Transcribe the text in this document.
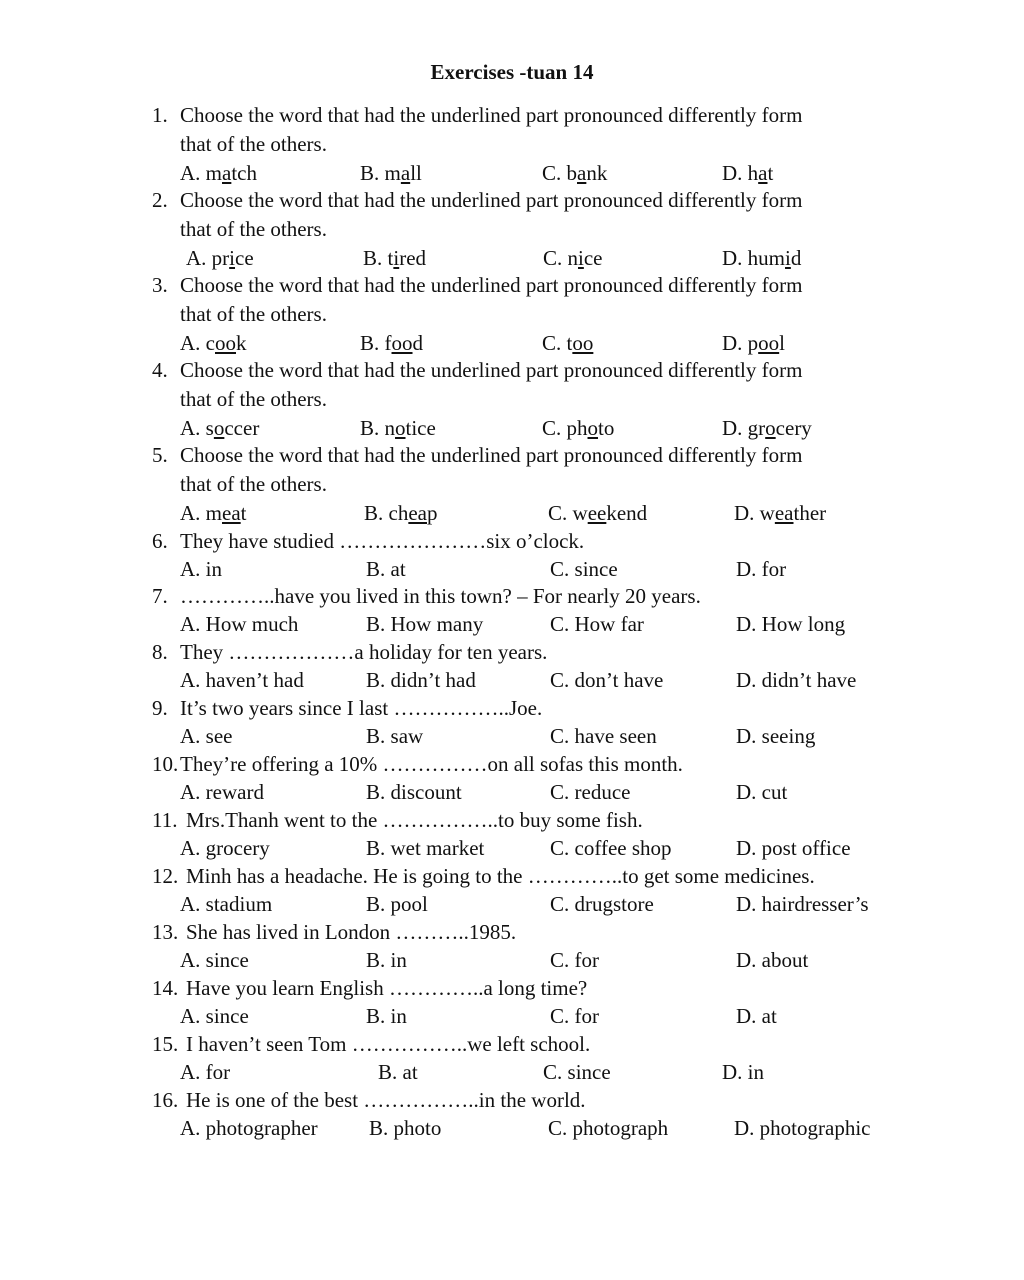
Exercises -tuan 14
1. Choose the word that had the underlined part pronounced differently form
that of the others.
A. match	B. mall	C. bank	D. hat
2. Choose the word that had the underlined part pronounced differently form
that of the others.
A. price	B. tired	C. nice	D. humid
3. Choose the word that had the underlined part pronounced differently form
that of the others.
A. cook	B. food	C. too	D. pool
4. Choose the word that had the underlined part pronounced differently form
that of the others.
A. soccer	B. notice	C. photo	D. grocery
5. Choose the word that had the underlined part pronounced differently form
that of the others.
A. meat	B. cheap	C. weekend	D. weather
6. They have studied …………………six o’clock.
A. in	B. at	C. since	D. for
7. …………..have you lived in this town? – For nearly 20 years.
A. How much	B. How many	C. How far	D. How long
8. They ………………a holiday for ten years.
A. haven’t had	B. didn’t had	C. don’t have	D. didn’t have
9. It’s two years since I last ……………..Joe.
A. see	B. saw	C. have seen	D. seeing
10. They’re offering a 10% ……………on all sofas this month.
A. reward	B. discount	C. reduce	D. cut
11. Mrs.Thanh went to the ……………..to buy some fish.
A. grocery	B. wet market	C. coffee shop	D. post office
12. Minh has a headache. He is going to the …………..to get some medicines.
A. stadium	B. pool	C. drugstore	D. hairdresser’s
13. She has lived in London ………..1985.
A. since	B. in	C. for	D. about
14. Have you learn English …………..a long time?
A. since	B. in	C. for	D. at
15. I haven’t seen Tom ……………..we left school.
A. for	B. at	C. since	D. in
16. He is one of the best ……………..in the world.
A. photographer B. photo	C. photograph	D. photographic
